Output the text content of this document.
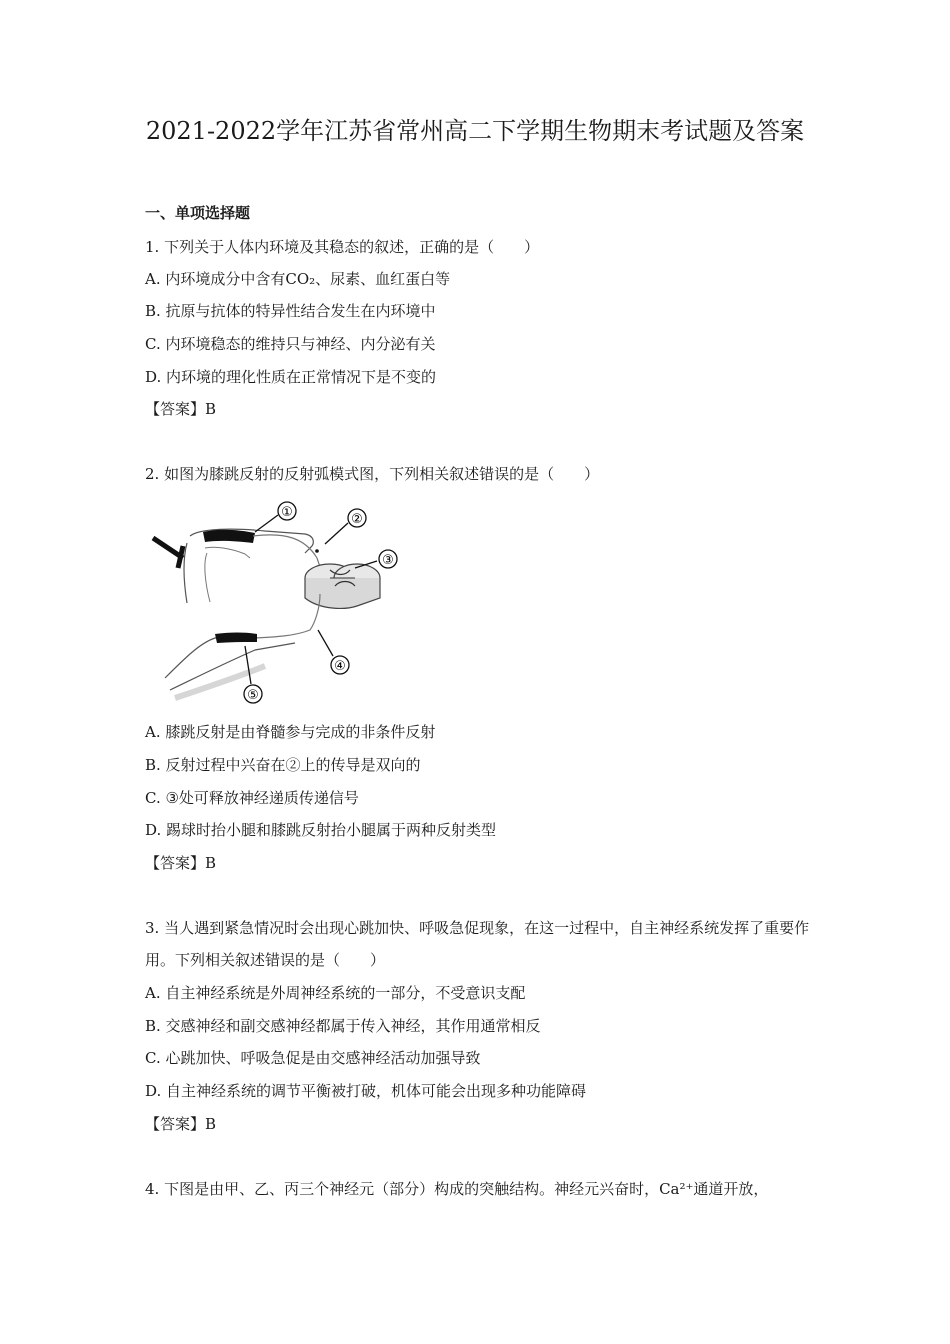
2021-2022学年江苏省常州高二下学期生物期末考试题及答案
一、单项选择题
1. 下列关于人体内环境及其稳态的叙述，正确的是（　　）
A. 内环境成分中含有CO₂、尿素、血红蛋白等
B. 抗原与抗体的特异性结合发生在内环境中
C. 内环境稳态的维持只与神经、内分泌有关
D. 内环境的理化性质在正常情况下是不变的
【答案】B
2. 如图为膝跳反射的反射弧模式图，下列相关叙述错误的是（　　）
①	②
③
④
⑤
A. 膝跳反射是由脊髓参与完成的非条件反射
B. 反射过程中兴奋在②上的传导是双向的
C. ③处可释放神经递质传递信号
D. 踢球时抬小腿和膝跳反射抬小腿属于两种反射类型
【答案】B
3. 当人遇到紧急情况时会出现心跳加快、呼吸急促现象，在这一过程中，自主神经系统发挥了重要作用。下列相关叙述错误的是（　　）
A. 自主神经系统是外周神经系统的一部分，不受意识支配
B. 交感神经和副交感神经都属于传入神经，其作用通常相反
C. 心跳加快、呼吸急促是由交感神经活动加强导致
D. 自主神经系统的调节平衡被打破，机体可能会出现多种功能障碍
【答案】B
4. 下图是由甲、乙、丙三个神经元（部分）构成的突触结构。神经元兴奋时，Ca²⁺通道开放，
